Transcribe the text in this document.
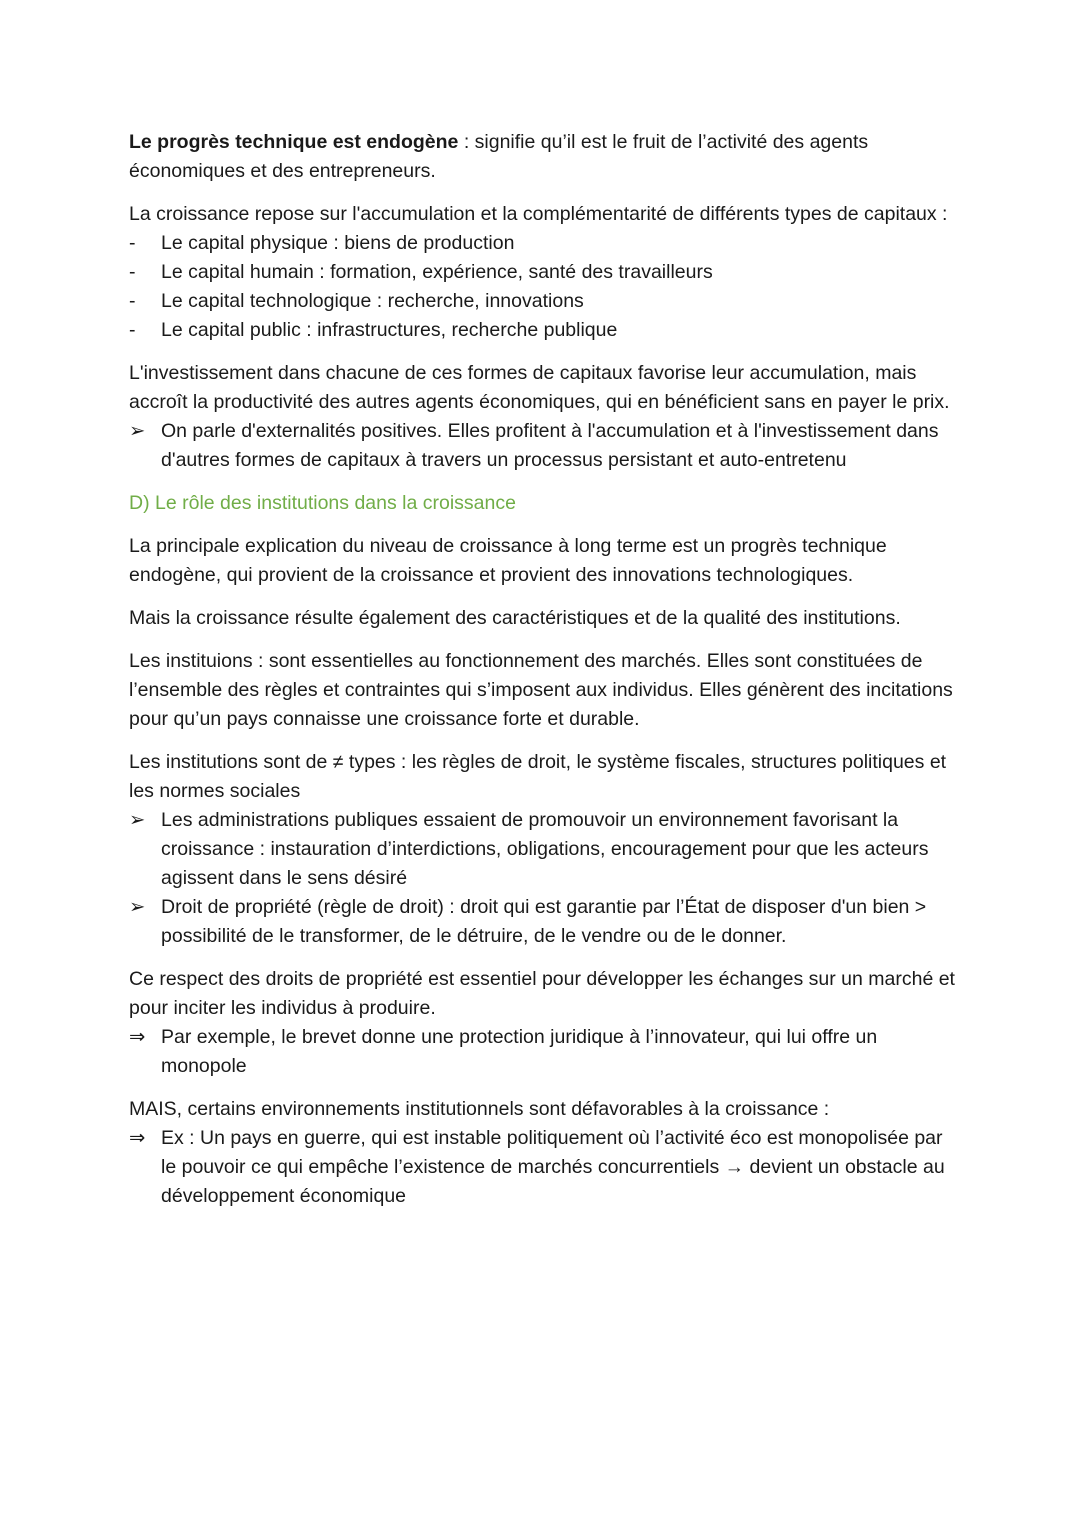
Le progrès technique est endogène : signifie qu’il est le fruit de l’activité des agents économiques et des entrepreneurs.

La croissance repose sur l'accumulation et la complémentarité de différents types de capitaux :

-	Le capital physique : biens de production
-	Le capital humain : formation, expérience, santé des travailleurs
-	Le capital technologique : recherche, innovations
-	Le capital public : infrastructures, recherche publique

L'investissement dans chacune de ces formes de capitaux favorise leur accumulation, mais accroît la productivité des autres agents économiques, qui en bénéficient sans en payer le prix.

➢ On parle d'externalités positives. Elles profitent à l'accumulation et à l'investissement dans d'autres formes de capitaux à travers un processus persistant et auto-entretenu

D) Le rôle des institutions dans la croissance

La principale explication du niveau de croissance à long terme est un progrès technique endogène, qui provient de la croissance et provient des innovations technologiques.

Mais la croissance résulte également des caractéristiques et de la qualité des institutions.

Les instituions : sont essentielles au fonctionnement des marchés. Elles sont constituées de l’ensemble des règles et contraintes qui s’imposent aux individus. Elles génèrent des incitations pour qu’un pays connaisse une croissance forte et durable.

Les institutions sont de ≠ types : les règles de droit, le système fiscales, structures politiques et les normes sociales

➢ Les administrations publiques essaient de promouvoir un environnement favorisant la croissance : instauration d’interdictions, obligations, encouragement pour que les acteurs agissent dans le sens désiré
➢ Droit de propriété (règle de droit) : droit qui est garantie par l’État de disposer d'un bien > possibilité de le transformer, de le détruire, de le vendre ou de le donner.

Ce respect des droits de propriété est essentiel pour développer les échanges sur un marché et pour inciter les individus à produire.

⇒ Par exemple, le brevet donne une protection juridique à l’innovateur, qui lui offre un monopole

MAIS, certains environnements institutionnels sont défavorables à la croissance :

⇒ Ex : Un pays en guerre, qui est instable politiquement où l’activité éco est monopolisée par le pouvoir ce qui empêche l’existence de marchés concurrentiels → devient un obstacle au développement économique
